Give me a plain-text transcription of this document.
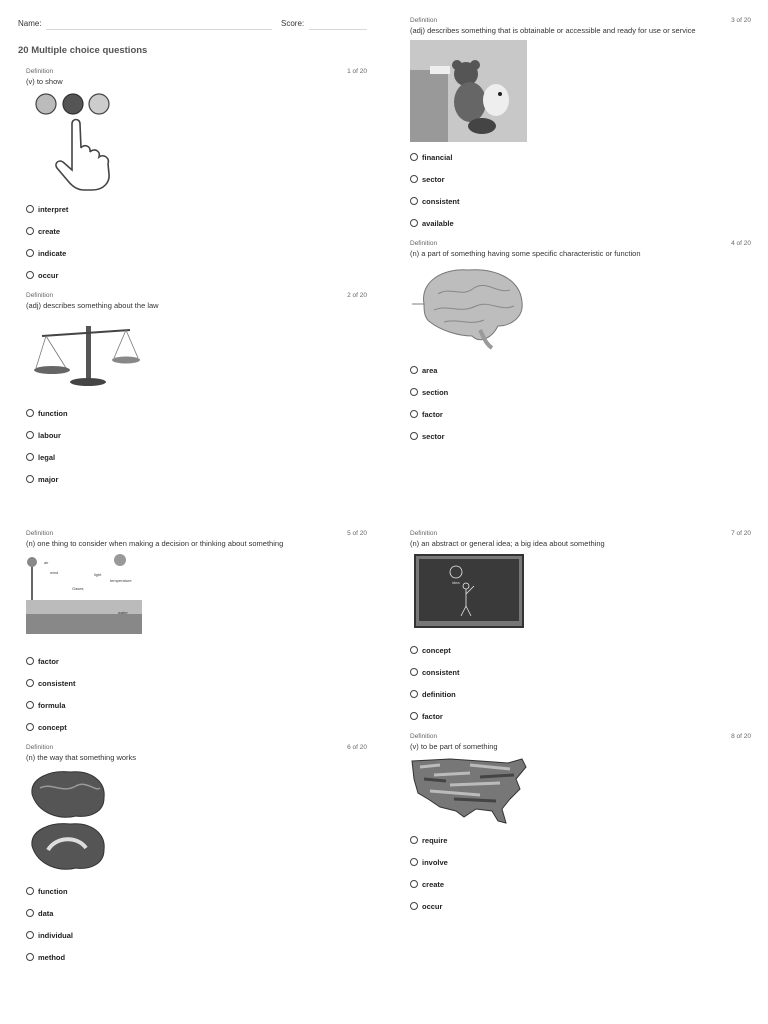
Name:	Score:
20 Multiple choice questions
Definition	1 of 20
(v) to show
interpret
create
indicate
occur
Definition	2 of 20
(adj) describes something about the law
function
labour
legal
major
Definition	3 of 20
(adj) describes something that is obtainable or accessible and ready for use or service
financial
sector
consistent
available
Definition	4 of 20
(n) a part of something having some specific characteristic or function
area
section
factor
sector
Definition	5 of 20
(n) one thing to consider when making a decision or thinking about something
air
wind	light
temperature
Gases
water
factor
consistent
formula
concept
Definition	6 of 20
(n) the way that something works
function
data
individual
method
Definition	7 of 20
(n) an abstract or general idea; a big idea about something
idea
concept
consistent
definition
factor
Definition	8 of 20
(v) to be part of something
require
involve
create
occur
